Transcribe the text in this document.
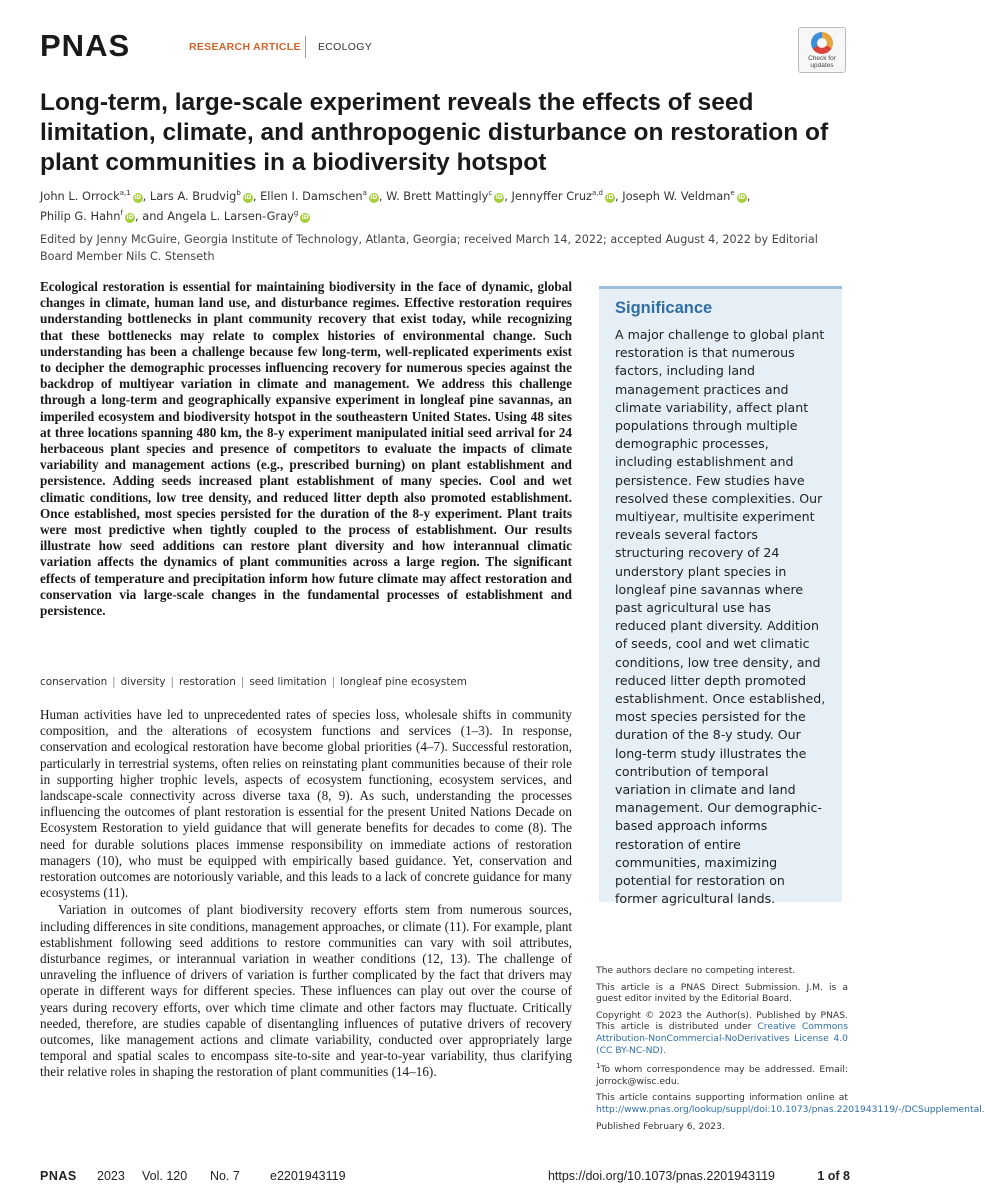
PNAS	RESEARCH ARTICLE ECOLOGY
Check for updates
Long-term, large-scale experiment reveals the effects of seed limitation, climate, and anthropogenic disturbance on restoration of plant communities in a biodiversity hotspot
John L. Orrock$^{a,1}$iD, Lars A. Brudvig$^b$iD, Ellen I. Damschen$^a$iD, W. Brett Mattingly$^c$iD, Jennyffer Cruz$^{a,d}$iD, Joseph W. Veldman$^e$iD, Philip G. Hahn$^f$iD, and Angela L. Larsen-Gray$^g$iD
Edited by Jenny McGuire, Georgia Institute of Technology, Atlanta, Georgia; received March 14, 2022; accepted August 4, 2022 by Editorial Board Member Nils C. Stenseth
Ecological restoration is essential for maintaining biodiversity in the face of dynamic, global changes in climate, human land use, and disturbance regimes. Effective restoration requires understanding bottlenecks in plant community recovery that exist today, while recognizing that these bottlenecks may relate to complex histories of environmental change. Such understanding has been a challenge because few long-term, well-replicated experiments exist to decipher the demographic processes influencing recovery for numerous species against the backdrop of multiyear variation in climate and management. We address this challenge through a long-term and geographically expansive experiment in longleaf pine savannas, an imperiled ecosystem and biodiversity hotspot in the southeastern United States. Using 48 sites at three locations spanning 480 km, the 8-y experiment manipulated initial seed arrival for 24 herbaceous plant species and presence of competitors to evaluate the impacts of climate variability and management actions (e.g., prescribed burning) on plant establishment and persistence. Adding seeds increased plant establishment of many species. Cool and wet climatic conditions, low tree density, and reduced litter depth also promoted establishment. Once established, most species persisted for the duration of the 8-y experiment. Plant traits were most predictive when tightly coupled to the process of establishment. Our results illustrate how seed additions can restore plant diversity and how interannual climatic variation affects the dynamics of plant communities across a large region. The significant effects of temperature and precipitation inform how future climate may affect restoration and conservation via large-scale changes in the fundamental processes of establishment and persistence.
conservation | diversity | restoration | seed limitation | longleaf pine ecosystem

Human activities have led to unprecedented rates of species loss, wholesale shifts in community composition, and the alterations of ecosystem functions and services (1–3). In response, conservation and ecological restoration have become global priorities (4–7). Successful restoration, particularly in terrestrial systems, often relies on reinstating plant communities because of their role in supporting higher trophic levels, aspects of ecosystem functioning, ecosystem services, and landscape-scale connectivity across diverse taxa (8, 9). As such, understanding the processes influencing the outcomes of plant restoration is essential for the present United Nations Decade on Ecosystem Restoration to yield guidance that will generate benefits for decades to come (8). The need for durable solutions places immense responsibility on immediate actions of restoration managers (10), who must be equipped with empirically based guidance. Yet, conservation and restoration outcomes are notoriously variable, and this leads to a lack of concrete guidance for many ecosystems (11).

Variation in outcomes of plant biodiversity recovery efforts stem from numerous sources, including differences in site conditions, management approaches, or climate (11). For example, plant establishment following seed additions to restore communities can vary with soil attributes, disturbance regimes, or interannual variation in weather conditions (12, 13). The challenge of unraveling the influence of drivers of variation is further complicated by the fact that drivers may operate in different ways for different species. These influences can play out over the course of years during recovery efforts, over which time climate and other factors may fluctuate. Critically needed, therefore, are studies capable of disentangling influences of putative drivers of recovery outcomes, like management actions and climate variability, conducted over appropriately large temporal and spatial scales to encompass site-to-site and year-to-year variability, thus clarifying their relative roles in shaping the restoration of plant communities (14–16).

Significance
A major challenge to global plant restoration is that numerous factors, including land management practices and climate variability, affect plant populations through multiple demographic processes, including establishment and persistence. Few studies have resolved these complexities. Our multiyear, multisite experiment reveals several factors structuring recovery of 24 understory plant species in longleaf pine savannas where past agricultural use has reduced plant diversity. Addition of seeds, cool and wet climatic conditions, low tree density, and reduced litter depth promoted establishment. Once established, most species persisted for the duration of the 8-y study. Our long-term study illustrates the contribution of temporal variation in climate and land management. Our demographic-based approach informs restoration of entire communities, maximizing potential for restoration on former agricultural lands.

The authors declare no competing interest.

This article is a PNAS Direct Submission. J.M. is a guest editor invited by the Editorial Board.

Copyright © 2023 the Author(s). Published by PNAS. This article is distributed under Creative Commons Attribution-NonCommercial-NoDerivatives License 4.0 (CC BY-NC-ND).

$^1$To whom correspondence may be addressed. Email: jorrock@wisc.edu.

This article contains supporting information online at http://www.pnas.org/lookup/suppl/doi:10.1073/pnas.2201943119/-/DCSupplemental.

Published February 6, 2023.

PNAS 2023 Vol. 120 No. 7 e2201943119	https://doi.org/10.1073/pnas.2201943119	1 of 8
